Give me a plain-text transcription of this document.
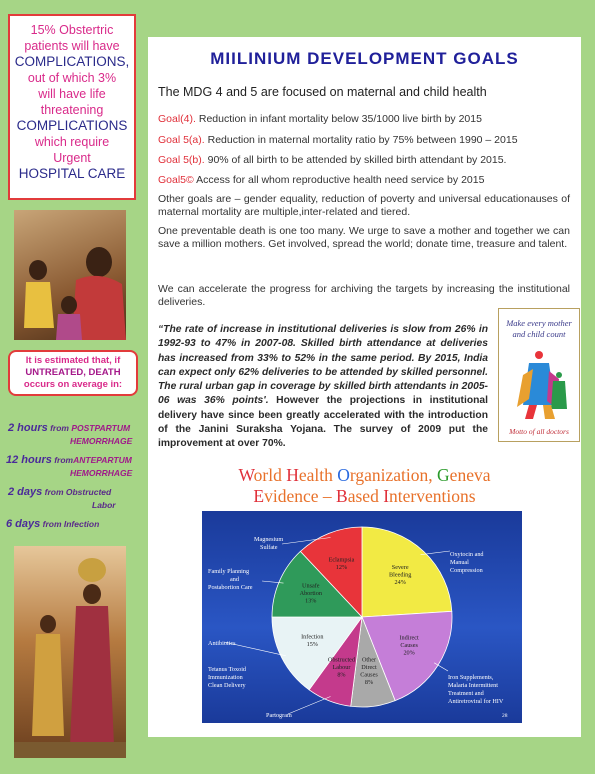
15% Obstertric
patients will have
COMPLICATIONS,
out of which 3%
will have life
threatening
COMPLICATIONS
which require
Urgent
HOSPITAL CARE
It is estimated that, if
UNTREATED, DEATH
occurs on average in:
2 hours from POSTPARTUM
HEMORRHAGE
12 hours fromANTEPARTUM
HEMORRHAGE
2 days from Obstructed
Labor
6 days from Infection
MIILINIUM DEVELOPMENT GOALS
The MDG 4 and 5 are focused on maternal and child health
Goal(4). Reduction in infant mortality below 35/1000 live birth by 2015
Goal 5(a). Reduction in maternal mortality ratio by 75% between 1990 – 2015
Goal 5(b). 90% of all birth to be attended by skilled birth attendant by 2015.
Goal5© Access for all whom reproductive health need service by 2015
Other goals are – gender equality, reduction of poverty and universal educationauses of maternal mortality are multiple,inter-related and tiered.
One preventable death is one too many. We urge to save a mother and together we can save a million mothers. Get involved, spread the world; donate time, treasure and talent.
We can accelerate the progress for archiving the targets by increasing the institutional deliveries.
“The rate of increase in institutional deliveries is slow from 26% in 1992-93 to 47% in 2007-08. Skilled birth attendance at deliveries has increased from 33% to 52% in the same period. By 2015, India can expect only 62% deliveries to be attended by skilled personnel. The rural urban gap in coverage by skilled birth attendants in 2005-06 was 36% points'. However the projections in institutional delivery have since been greatly accelerated with the introduction of the Janini Suraksha Yojana. The survey of 2009 put the improvement at over 70%.
Make every mother
and child count
Motto of all doctors
World Health Organization, Geneva
Evidence – Based Interventions
Severe Bleeding 24%
Indirect Causes 20%
Other Direct Causes 8%
Obstructed Labour 8%
Infection 15%
Unsafe Abortion 13%
Eclampsia 12%
Oxytocin and Manual Compression
Iron Supplements, Malaria Intermittent Treatment and Antiretroviral for HIV
Partogram
Antibiotics
Tetanus Toxoid Immunization Clean Delivery
Family Planning and Postabortion Care
Magnesium Sulfate
28
